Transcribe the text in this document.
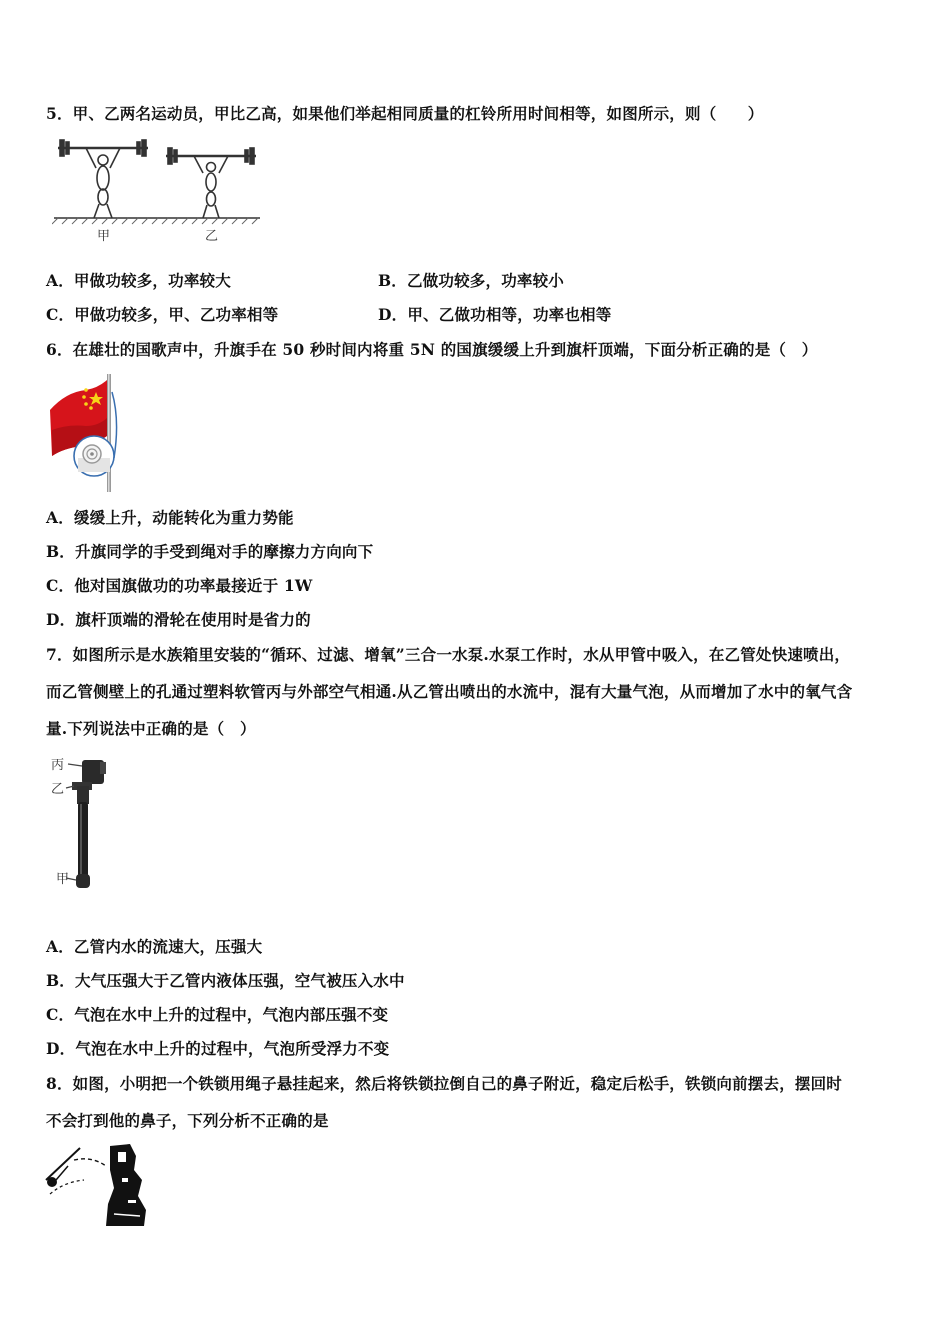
5．甲、乙两名运动员，甲比乙高，如果他们举起相同质量的杠铃所用时间相等，如图所示，则（　　）
甲	乙
A．甲做功较多，功率较大	B．乙做功较多，功率较小
C．甲做功较多，甲、乙功率相等	D．甲、乙做功相等，功率也相等
6．在雄壮的国歌声中，升旗手在 50 秒时间内将重 5N 的国旗缓缓上升到旗杆顶端，下面分析正确的是（　）
A．缓缓上升，动能转化为重力势能
B．升旗同学的手受到绳对手的摩擦力方向向下
C．他对国旗做功的功率最接近于 1W
D．旗杆顶端的滑轮在使用时是省力的
7．如图所示是水族箱里安装的“循环、过滤、增氧”三合一水泵.水泵工作时，水从甲管中吸入，在乙管处快速喷出，
而乙管侧壁上的孔通过塑料软管丙与外部空气相通.从乙管出喷出的水流中，混有大量气泡，从而增加了水中的氧气含
量.下列说法中正确的是（　）
丙
乙
甲
A．乙管内水的流速大，压强大
B．大气压强大于乙管内液体压强，空气被压入水中
C．气泡在水中上升的过程中，气泡内部压强不变
D．气泡在水中上升的过程中，气泡所受浮力不变
8．如图，小明把一个铁锁用绳子悬挂起来，然后将铁锁拉倒自己的鼻子附近，稳定后松手，铁锁向前摆去，摆回时
不会打到他的鼻子，下列分析不正确的是
